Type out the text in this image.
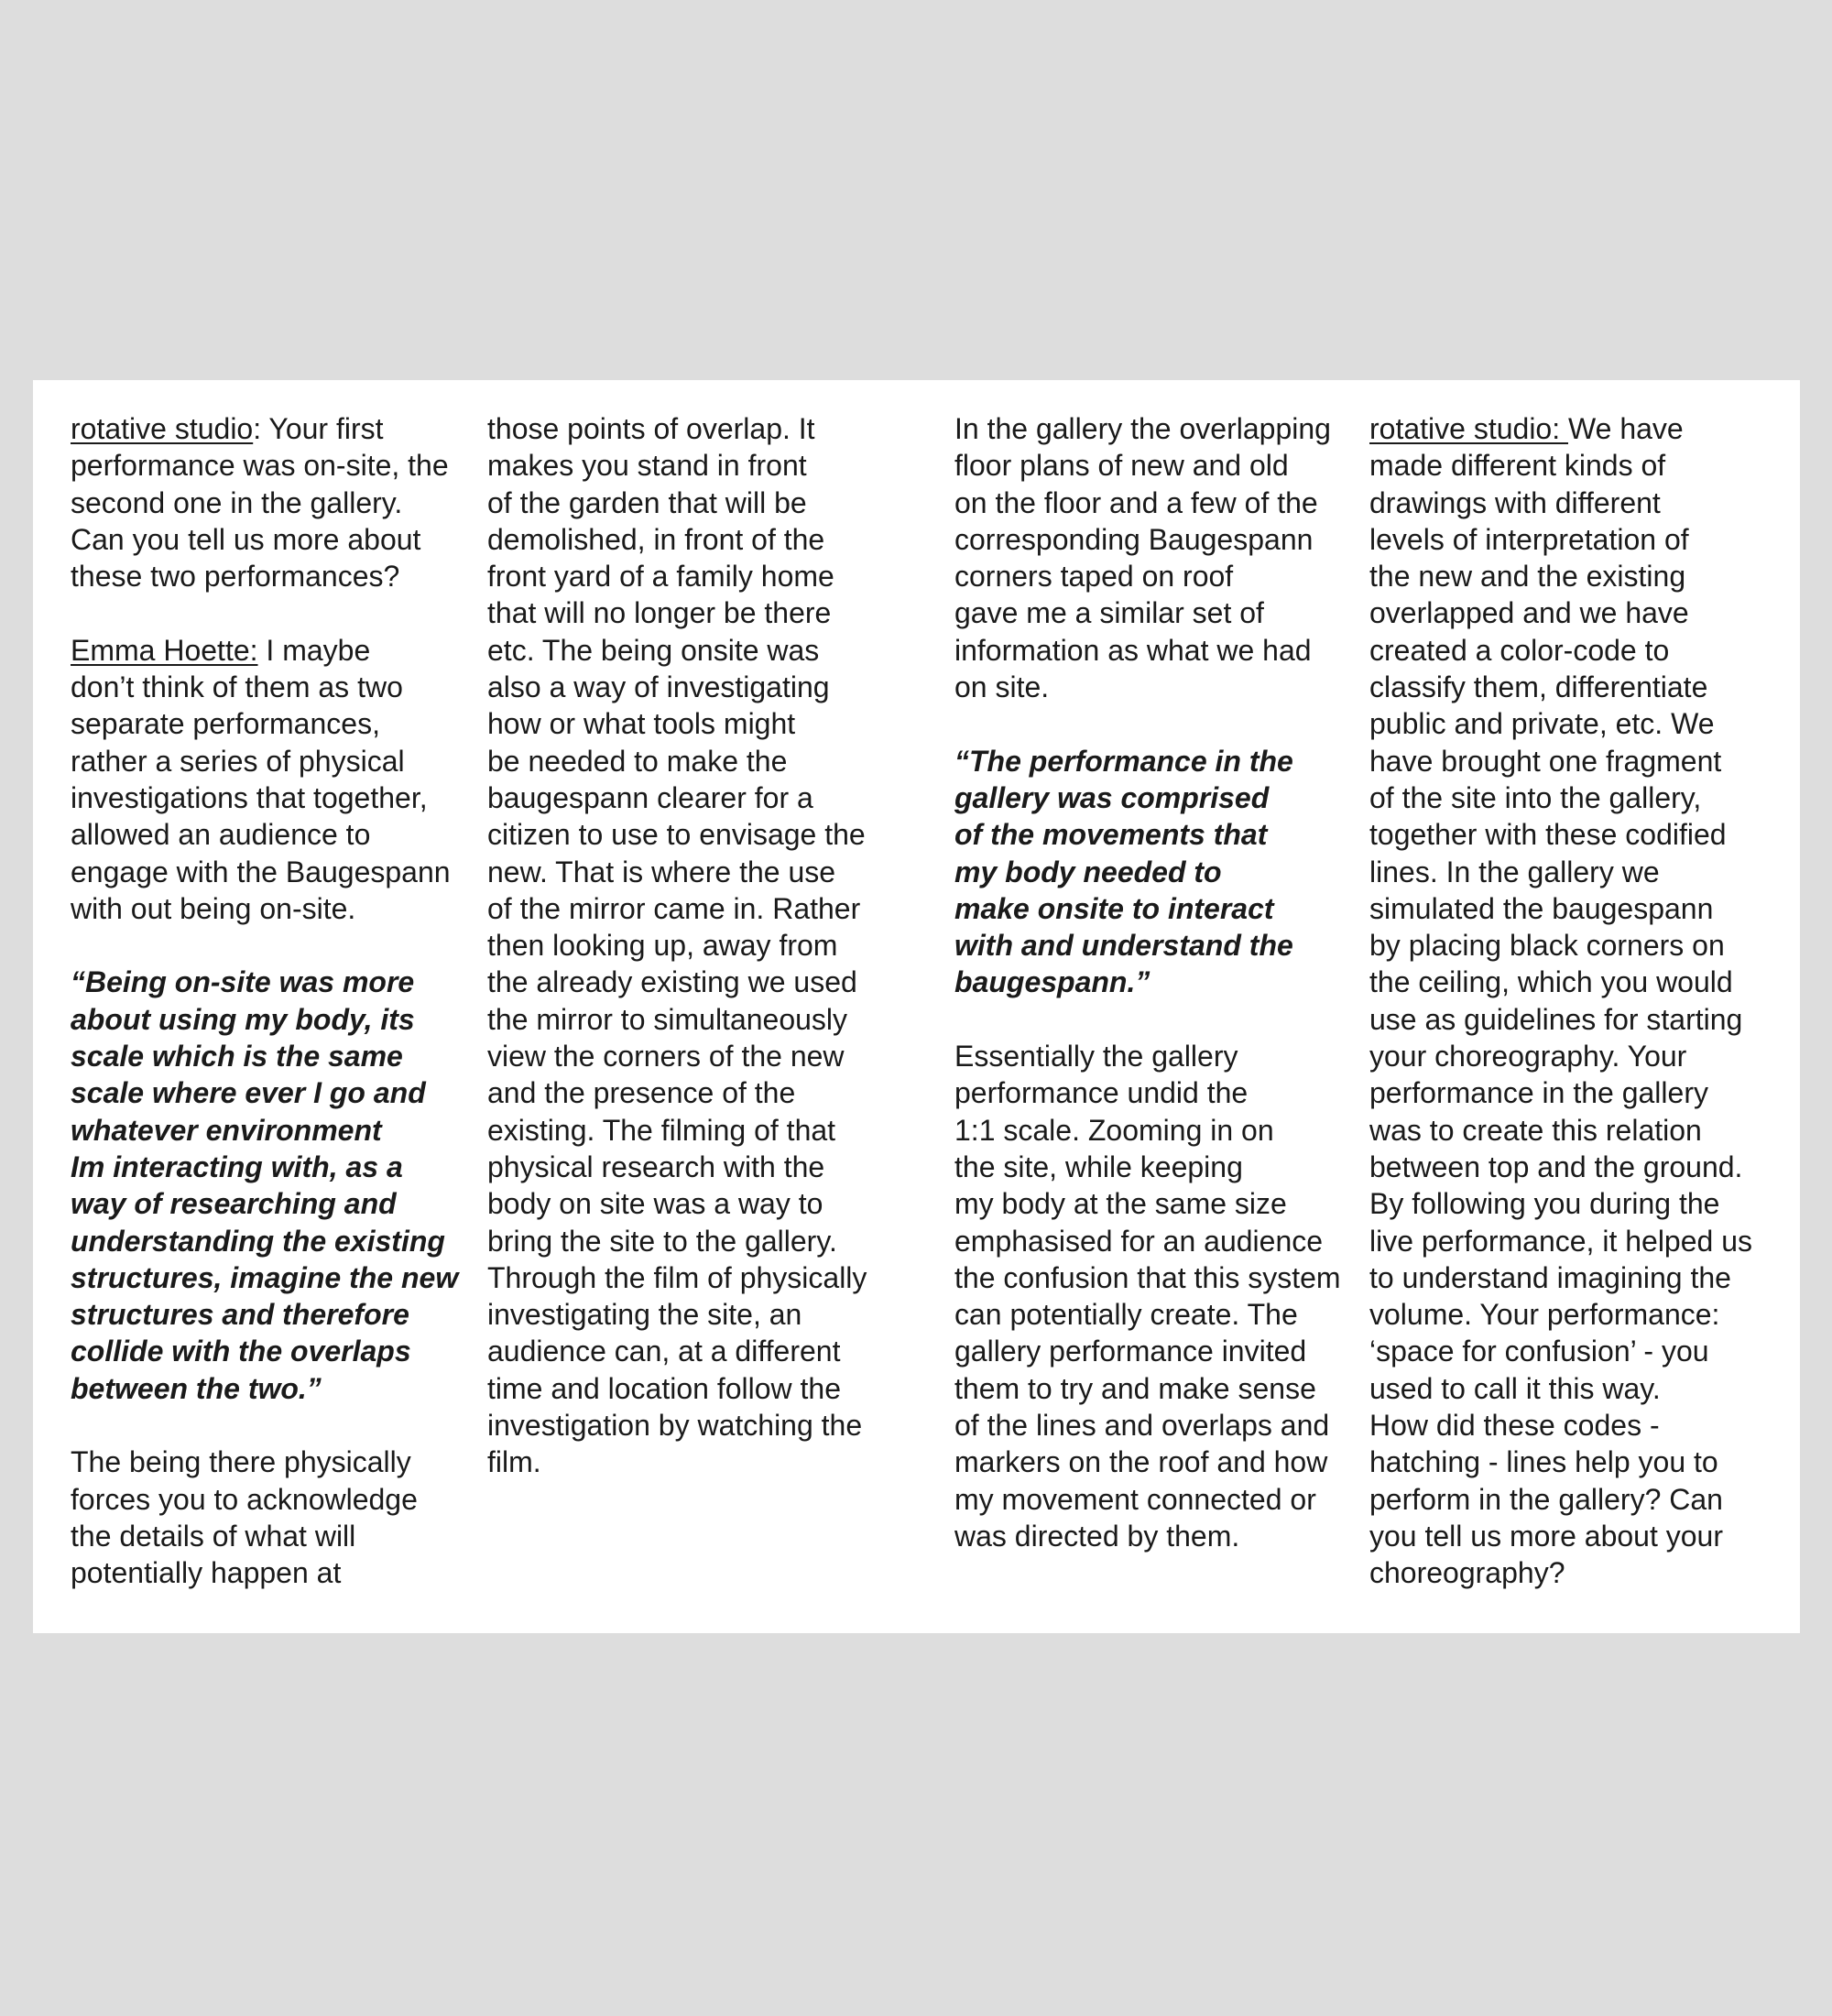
rotative studio: Your first
performance was on-site, the
second one in the gallery.
Can you tell us more about
these two performances?
Emma Hoette: I maybe
don’t think of them as two
separate performances,
rather a series of physical
investigations that together,
allowed an audience to
engage with the Baugespann
with out being on-site.
“Being on-site was more
about using my body, its
scale which is the same
scale where ever I go and
whatever environment
Im interacting with, as a
way of researching and
understanding the existing
structures, imagine the new
structures and therefore
collide with the overlaps
between the two.”
The being there physically
forces you to acknowledge
the details of what will
potentially happen at
those points of overlap. It
makes you stand in front
of the garden that will be
demolished, in front of the
front yard of a family home
that will no longer be there
etc. The being onsite was
also a way of investigating
how or what tools might
be needed to make the
baugespann clearer for a
citizen to use to envisage the
new. That is where the use
of the mirror came in. Rather
then looking up, away from
the already existing we used
the mirror to simultaneously
view the corners of the new
and the presence of the
existing. The filming of that
physical research with the
body on site was a way to
bring the site to the gallery.
Through the film of physically
investigating the site, an
audience can, at a different
time and location follow the
investigation by watching the
film.
In the gallery the overlapping
floor plans of new and old
on the floor and a few of the
corresponding Baugespann
corners taped on roof
gave me a similar set of
information as what we had
on site.
“The performance in the
gallery was comprised
of the movements that
my body needed to
make onsite to interact
with and understand the
baugespann.”
Essentially the gallery
performance undid the
1:1 scale. Zooming in on
the site, while keeping
my body at the same size
emphasised for an audience
the confusion that this system
can potentially create. The
gallery performance invited
them to try and make sense
of the lines and overlaps and
markers on the roof and how
my movement connected or
was directed by them.
rotative studio: We have
made different kinds of
drawings with different
levels of interpretation of
the new and the existing
overlapped and we have
created a color-code to
classify them, differentiate
public and private, etc. We
have brought one fragment
of the site into the gallery,
together with these codified
lines. In the gallery we
simulated the baugespann
by placing black corners on
the ceiling, which you would
use as guidelines for starting
your choreography. Your
performance in the gallery
was to create this relation
between top and the ground.
By following you during the
live performance, it helped us
to understand imagining the
volume. Your performance:
‘space for confusion’ - you
used to call it this way.
How did these codes -
hatching - lines help you to
perform in the gallery? Can
you tell us more about your
choreography?
